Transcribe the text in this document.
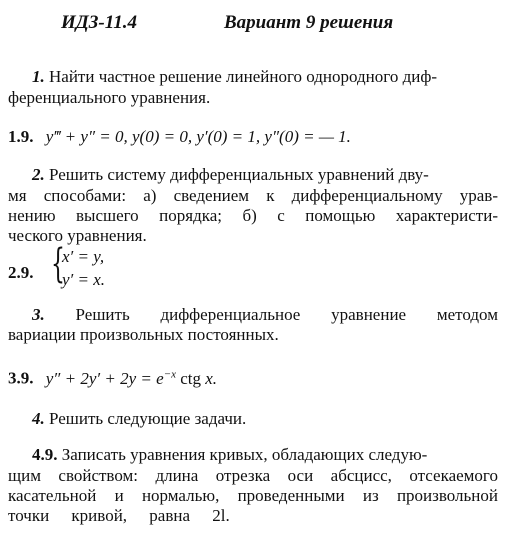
ИДЗ-11.4	Вариант 9 решения
1. Найти частное решение линейного однородного диф-
ференциального уравнения.
1.9. y‴ + y″ = 0, y(0) = 0, y′(0) = 1, y″(0) = — 1.
2. Решить систему дифференциальных уравнений дву-
мя способами: а) сведением к дифференциальному урав-
нению высшего порядка; б) с помощью характеристи-
ческого уравнения.
2.9. {
x′ = y,
y′ = x.
3. Решить дифференциальное уравнение методом
вариации произвольных постоянных.
3.9. $y'' + 2y' + 2y = e^{-x}$ ctg x.
4. Решить следующие задачи.
4.9. Записать уравнения кривых, обладающих следую-
щим свойством: длина отрезка оси абсцисс, отсекаемого
касательной и нормалью, проведенными из произвольной
точки кривой, равна 2l.
